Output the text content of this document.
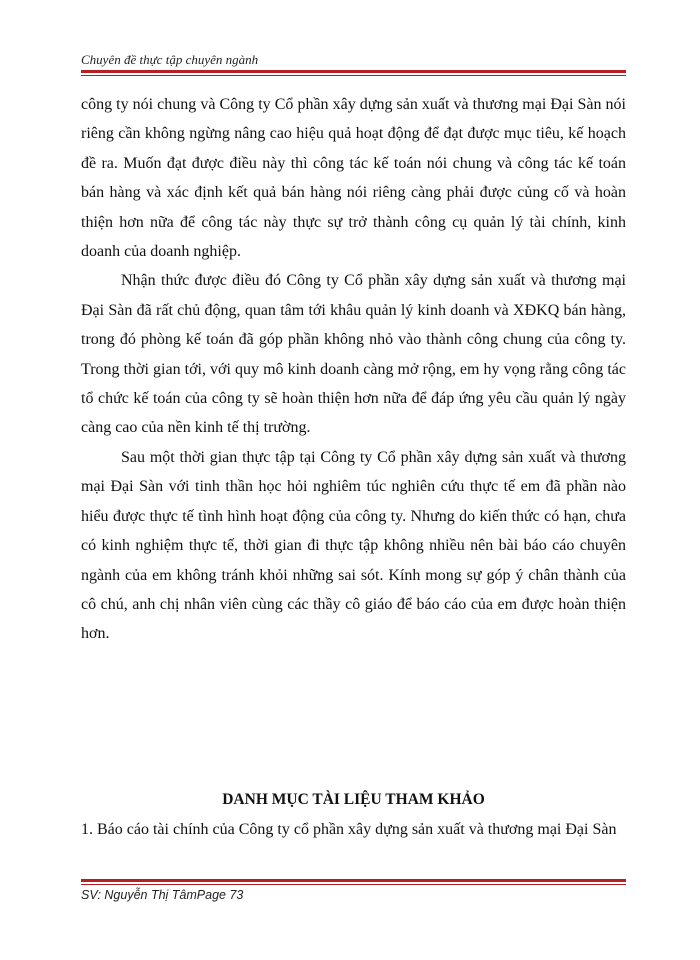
Chuyên đề thực tập chuyên ngành

công ty nói chung và Công ty Cổ phần xây dựng sản xuất và thương mại Đại Sàn nói riêng cần không ngừng nâng cao hiệu quả hoạt động để đạt được mục tiêu, kế hoạch đề ra. Muốn đạt được điều này thì công tác kế toán nói chung và công tác kế toán bán hàng và xác định kết quả bán hàng nói riêng càng phải được củng cố và hoàn thiện hơn nữa để công tác này thực sự trở thành công cụ quản lý tài chính, kinh doanh của doanh nghiệp.

Nhận thức được điều đó Công ty Cổ phần xây dựng sản xuất và thương mại Đại Sàn đã rất chủ động, quan tâm tới khâu quản lý kinh doanh và XĐKQ bán hàng, trong đó phòng kế toán đã góp phần không nhỏ vào thành công chung của công ty. Trong thời gian tới, với quy mô kinh doanh càng mở rộng, em hy vọng rằng công tác tổ chức kế toán của công ty sẽ hoàn thiện hơn nữa để đáp ứng yêu cầu quản lý ngày càng cao của nền kinh tế thị trường.

Sau một thời gian thực tập tại Công ty Cổ phần xây dựng sản xuất và thương mại Đại Sàn với tinh thần học hỏi nghiêm túc nghiên cứu thực tế em đã phần nào hiểu được thực tế tình hình hoạt động của công ty. Nhưng do kiến thức có hạn, chưa có kinh nghiệm thực tế, thời gian đi thực tập không nhiều nên bài báo cáo chuyên ngành của em không tránh khỏi những sai sót. Kính mong sự góp ý chân thành của cô chú, anh chị nhân viên cùng các thầy cô giáo để báo cáo của em được hoàn thiện hơn.

DANH MỤC TÀI LIỆU THAM KHẢO
1. Báo cáo tài chính của Công ty cổ phần xây dựng sản xuất và thương mại Đại Sàn
SV: Nguyễn Thị TâmPage 73
